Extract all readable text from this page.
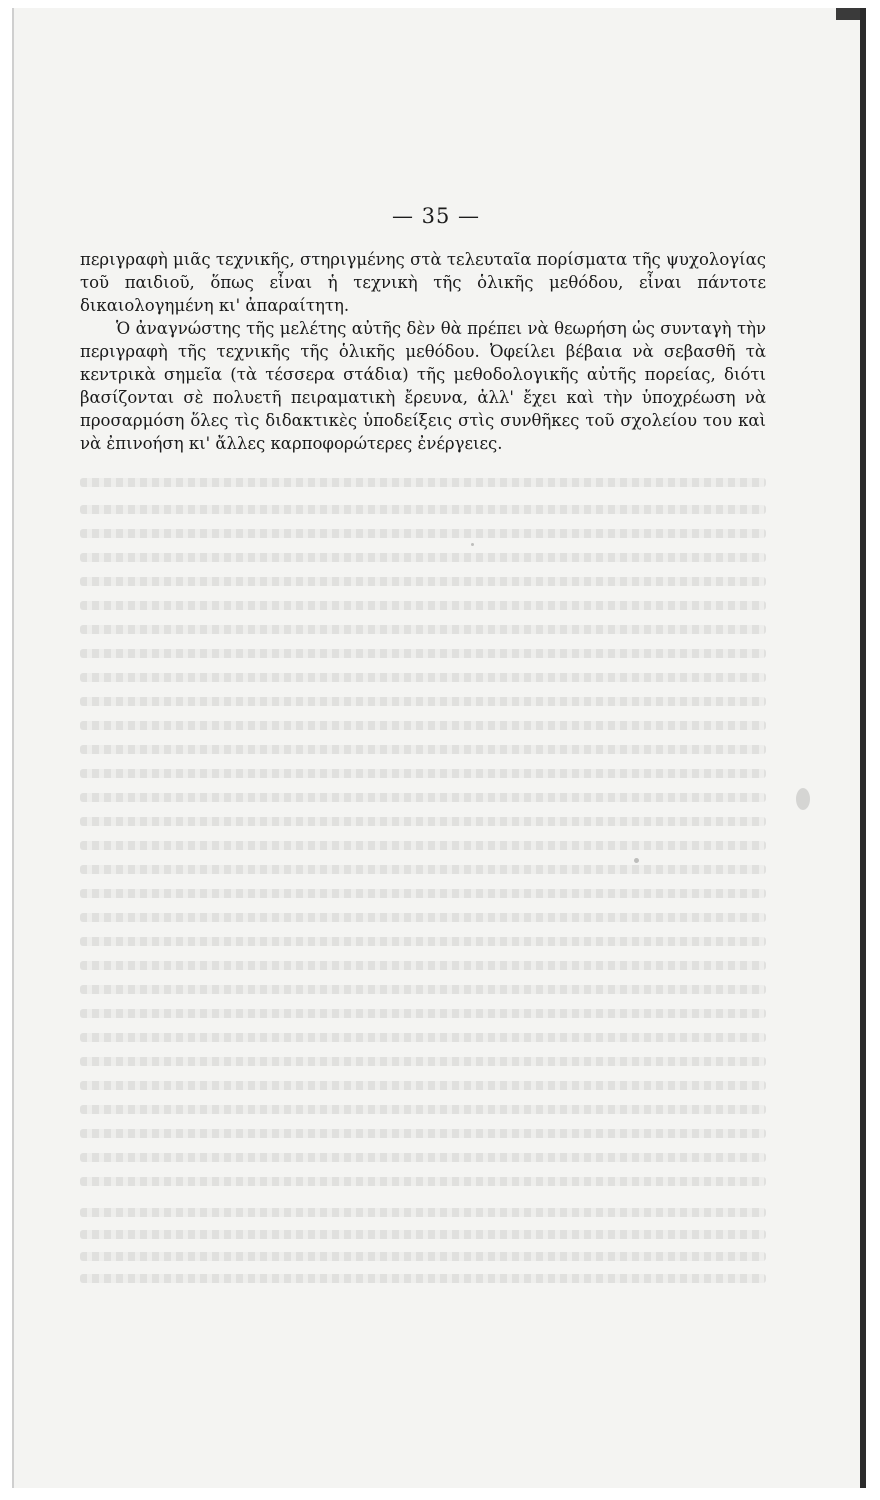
— 35 —

περιγραφὴ μιᾶς τεχνικῆς, στηριγμένης στὰ τελευταῖα πορίσματα τῆς ψυχολογίας τοῦ παιδιοῦ, ὅπως εἶναι ἡ τεχνικὴ τῆς ὁλικῆς μεθόδου, εἶναι πάντοτε δικαιολογημένη κι' ἀπαραίτητη.

Ὁ ἀναγνώστης τῆς μελέτης αὐτῆς δὲν θὰ πρέπει νὰ θεωρήση ὡς συνταγὴ τὴν περιγραφὴ τῆς τεχνικῆς τῆς ὁλικῆς μεθόδου. Ὀφείλει βέβαια νὰ σεβασθῆ τὰ κεντρικὰ σημεῖα (τὰ τέσσερα στάδια) τῆς μεθοδολογικῆς αὐτῆς πορείας, διότι βασίζονται σὲ πολυετῆ πειραματικὴ ἔρευνα, ἀλλ' ἔχει καὶ τὴν ὑποχρέωση νὰ προσαρμόση ὅλες τὶς διδακτικὲς ὑποδείξεις στὶς συνθῆκες τοῦ σχολείου του καὶ νὰ ἐπινοήση κι' ἄλλες καρποφορώτερες ἐνέργειες.
